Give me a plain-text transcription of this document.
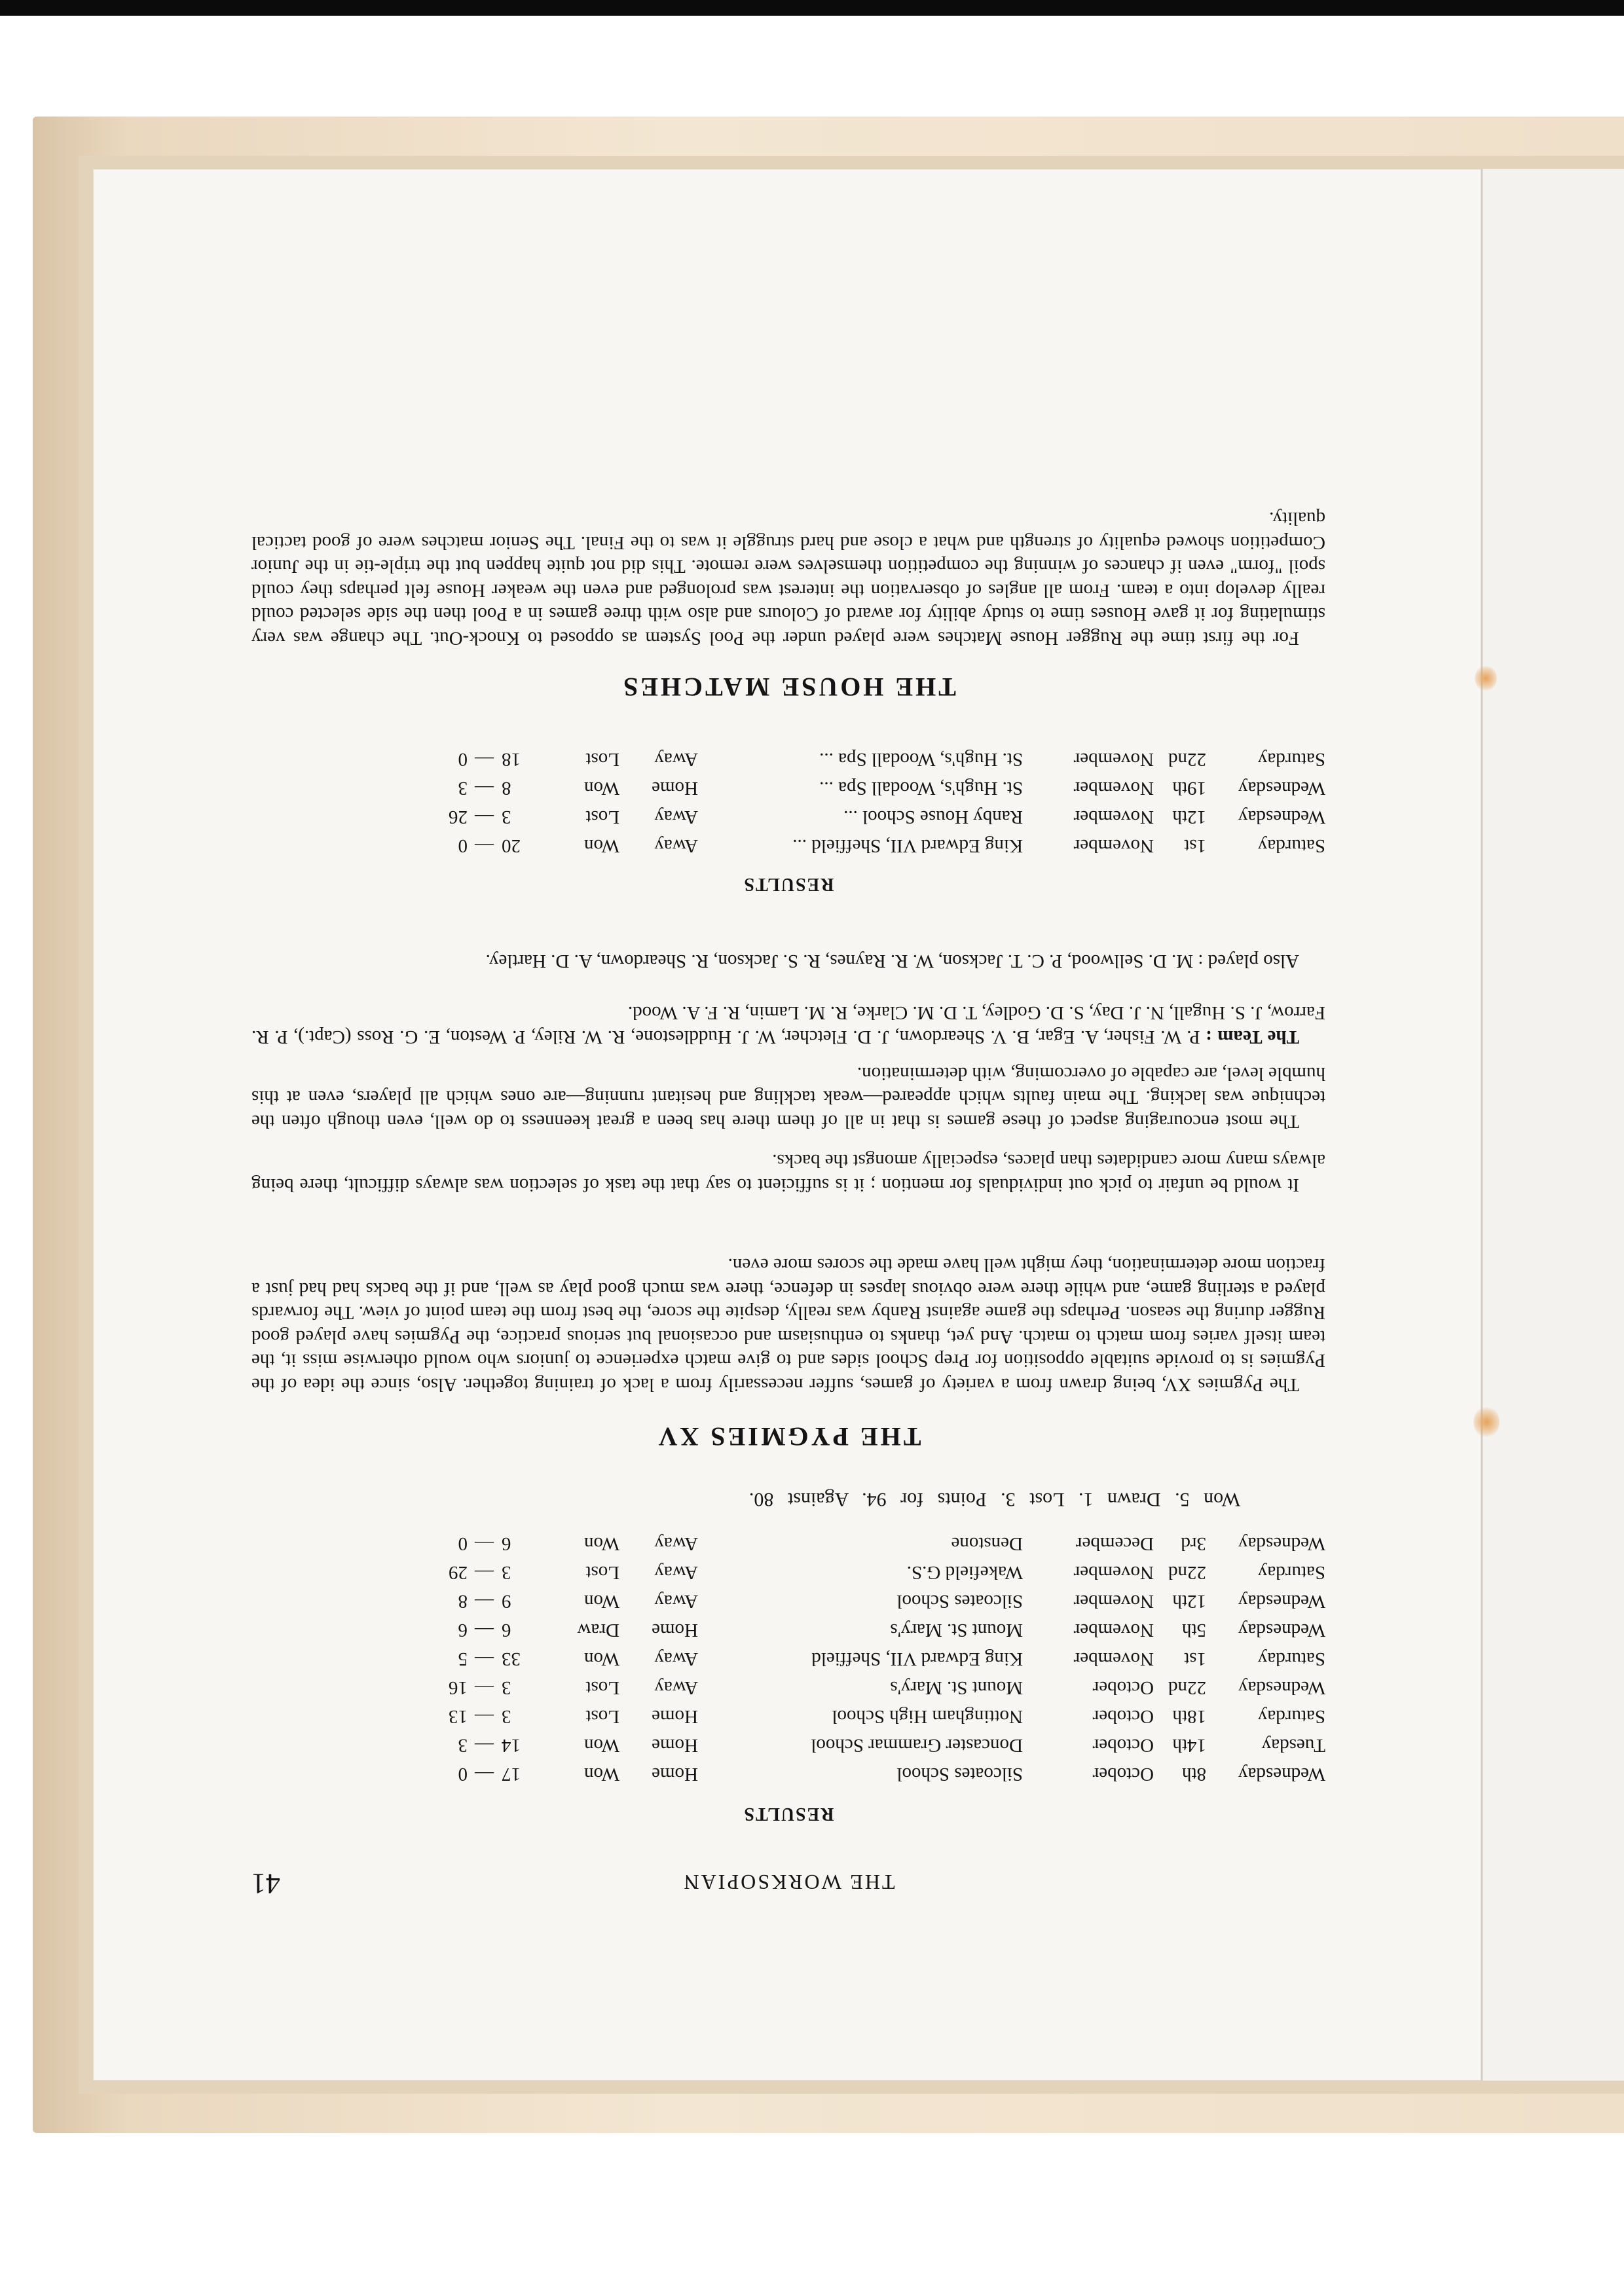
THE WORKSOPIAN
41
RESULTS
Wednesday
8th
October
Silcoates School
Home
Won
17
—
0
Tuesday
14th
October
Doncaster Grammar School
Home
Won
14
—
3
Saturday
18th
October
Nottingham High School
Home
Lost
3
—
13
Wednesday
22nd
October
Mount St. Mary's
Away
Lost
3
—
16
Saturday
1st
November
King Edward VII, Sheffield
Away
Won
33
—
5
Wednesday
5th
November
Mount St. Mary's
Home
Draw
6
—
6
Wednesday
12th
November
Silcoates School
Away
Won
9
—
8
Saturday
22nd
November
Wakefield G.S.
Away
Lost
3
—
29
Wednesday
3rd
December
Denstone
Away
Won
6
—
0
Won 5. Drawn 1. Lost 3. Points for 94. Against 80.
THE PYGMIES XV

The Pygmies XV, being drawn from a variety of games, suffer necessarily from a lack of training together. Also, since the idea of the Pygmies is to provide suitable opposition for Prep School sides and to give match experience to juniors who would otherwise miss it, the team itself varies from match to match. And yet, thanks to enthusiasm and occasional but serious practice, the Pygmies have played good Rugger during the season. Perhaps the game against Ranby was really, despite the score, the best from the team point of view. The forwards played a sterling game, and while there were obvious lapses in defence, there was much good play as well, and if the backs had had just a fraction more determination, they might well have made the scores more even.

It would be unfair to pick out individuals for mention ; it is sufficient to say that the task of selection was always difficult, there being always many more candidates than places, especially amongst the backs.

The most encouraging aspect of these games is that in all of them there has been a great keenness to do well, even though often the technique was lacking. The main faults which appeared—weak tackling and hesitant running—are ones which all players, even at this humble level, are capable of overcoming, with determination.

The Team : P. W. Fisher, A. Egar, B. V. Sheardown, J. D. Fletcher, W. J. Huddlestone, R. W. Riley, P. Weston, E. G. Ross (Capt.), P. R. Farrow, J. S. Hugall, N. J. Day, S. D. Godley, T. D. M. Clarke, R. M. Lamin, R. F. A. Wood.

Also played : M. D. Sellwood, P. C. T. Jackson, W. R. Raynes, R. S. Jackson, R. Sheardown, A. D. Hartley.

RESULTS
Saturday
1st
November
King Edward VII, Sheffield ...
Away
Won
20
—
0
Wednesday
12th
November
Ranby House School ...
Away
Lost
3
—
26
Wednesday
19th
November
St. Hugh's, Woodall Spa ...
Home
Won
8
—
3
Saturday
22nd
November
St. Hugh's, Woodall Spa ...
Away
Lost
18
—
0
THE HOUSE MATCHES

For the first time the Rugger House Matches were played under the Pool System as opposed to Knock-Out. The change was very stimulating for it gave Houses time to study ability for award of Colours and also with three games in a Pool then the side selected could really develop into a team. From all angles of observation the interest was prolonged and even the weaker House felt perhaps they could spoil "form" even if chances of winning the competition themselves were remote. This did not quite happen but the triple-tie in the Junior Competition showed equality of strength and what a close and hard struggle it was to the Final. The Senior matches were of good tactical quality.
